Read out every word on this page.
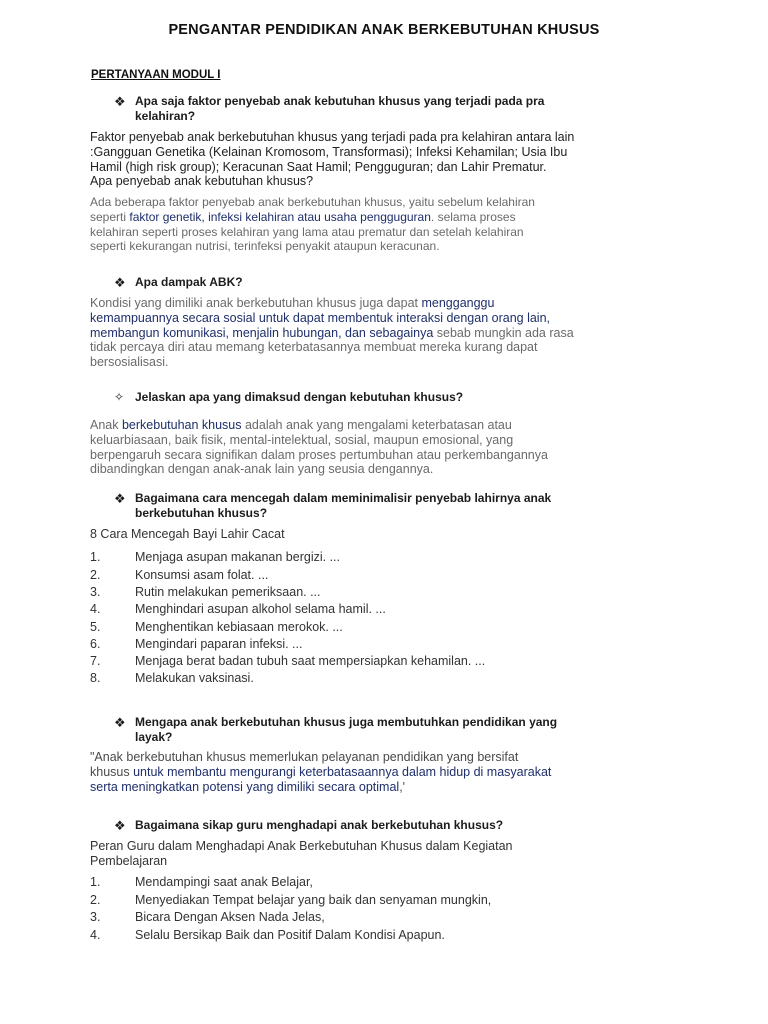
PENGANTAR PENDIDIKAN ANAK BERKEBUTUHAN KHUSUS
PERTANYAAN MODUL I
❖ Apa saja faktor penyebab anak kebutuhan khusus yang terjadi pada pra
kelahiran?
Faktor penyebab anak berkebutuhan khusus yang terjadi pada pra kelahiran antara lain
:Gangguan Genetika (Kelainan Kromosom, Transformasi); Infeksi Kehamilan; Usia Ibu
Hamil (high risk group); Keracunan Saat Hamil; Pengguguran; dan Lahir Prematur.
Apa penyebab anak kebutuhan khusus?
Ada beberapa faktor penyebab anak berkebutuhan khusus, yaitu sebelum kelahiran
seperti faktor genetik, infeksi kelahiran atau usaha pengguguran. selama proses
kelahiran seperti proses kelahiran yang lama atau prematur dan setelah kelahiran
seperti kekurangan nutrisi, terinfeksi penyakit ataupun keracunan.
❖ Apa dampak ABK?
Kondisi yang dimiliki anak berkebutuhan khusus juga dapat mengganggu
kemampuannya secara sosial untuk dapat membentuk interaksi dengan orang lain,
membangun komunikasi, menjalin hubungan, dan sebagainya sebab mungkin ada rasa
tidak percaya diri atau memang keterbatasannya membuat mereka kurang dapat
bersosialisasi.
✧ Jelaskan apa yang dimaksud dengan kebutuhan khusus?
Anak berkebutuhan khusus adalah anak yang mengalami keterbatasan atau
keluarbiasaan, baik fisik, mental-intelektual, sosial, maupun emosional, yang
berpengaruh secara signifikan dalam proses pertumbuhan atau perkembangannya
dibandingkan dengan anak-anak lain yang seusia dengannya.
❖ Bagaimana cara mencegah dalam meminimalisir penyebab lahirnya anak
berkebutuhan khusus?
8 Cara Mencegah Bayi Lahir Cacat
1.	Menjaga asupan makanan bergizi. ...
2.	Konsumsi asam folat. ...
3.	Rutin melakukan pemeriksaan. ...
4.	Menghindari asupan alkohol selama hamil. ...
5.	Menghentikan kebiasaan merokok. ...
6.	Mengindari paparan infeksi. ...
7.	Menjaga berat badan tubuh saat mempersiapkan kehamilan. ...
8.	Melakukan vaksinasi.
❖ Mengapa anak berkebutuhan khusus juga membutuhkan pendidikan yang
layak?
"Anak berkebutuhan khusus memerlukan pelayanan pendidikan yang bersifat
khusus untuk membantu mengurangi keterbatasaannya dalam hidup di masyarakat
serta meningkatkan potensi yang dimiliki secara optimal,'
❖ Bagaimana sikap guru menghadapi anak berkebutuhan khusus?
Peran Guru dalam Menghadapi Anak Berkebutuhan Khusus dalam Kegiatan
Pembelajaran
1.	Mendampingi saat anak Belajar,
2.	Menyediakan Tempat belajar yang baik dan senyaman mungkin,
3.	Bicara Dengan Aksen Nada Jelas,
4.	Selalu Bersikap Baik dan Positif Dalam Kondisi Apapun.
